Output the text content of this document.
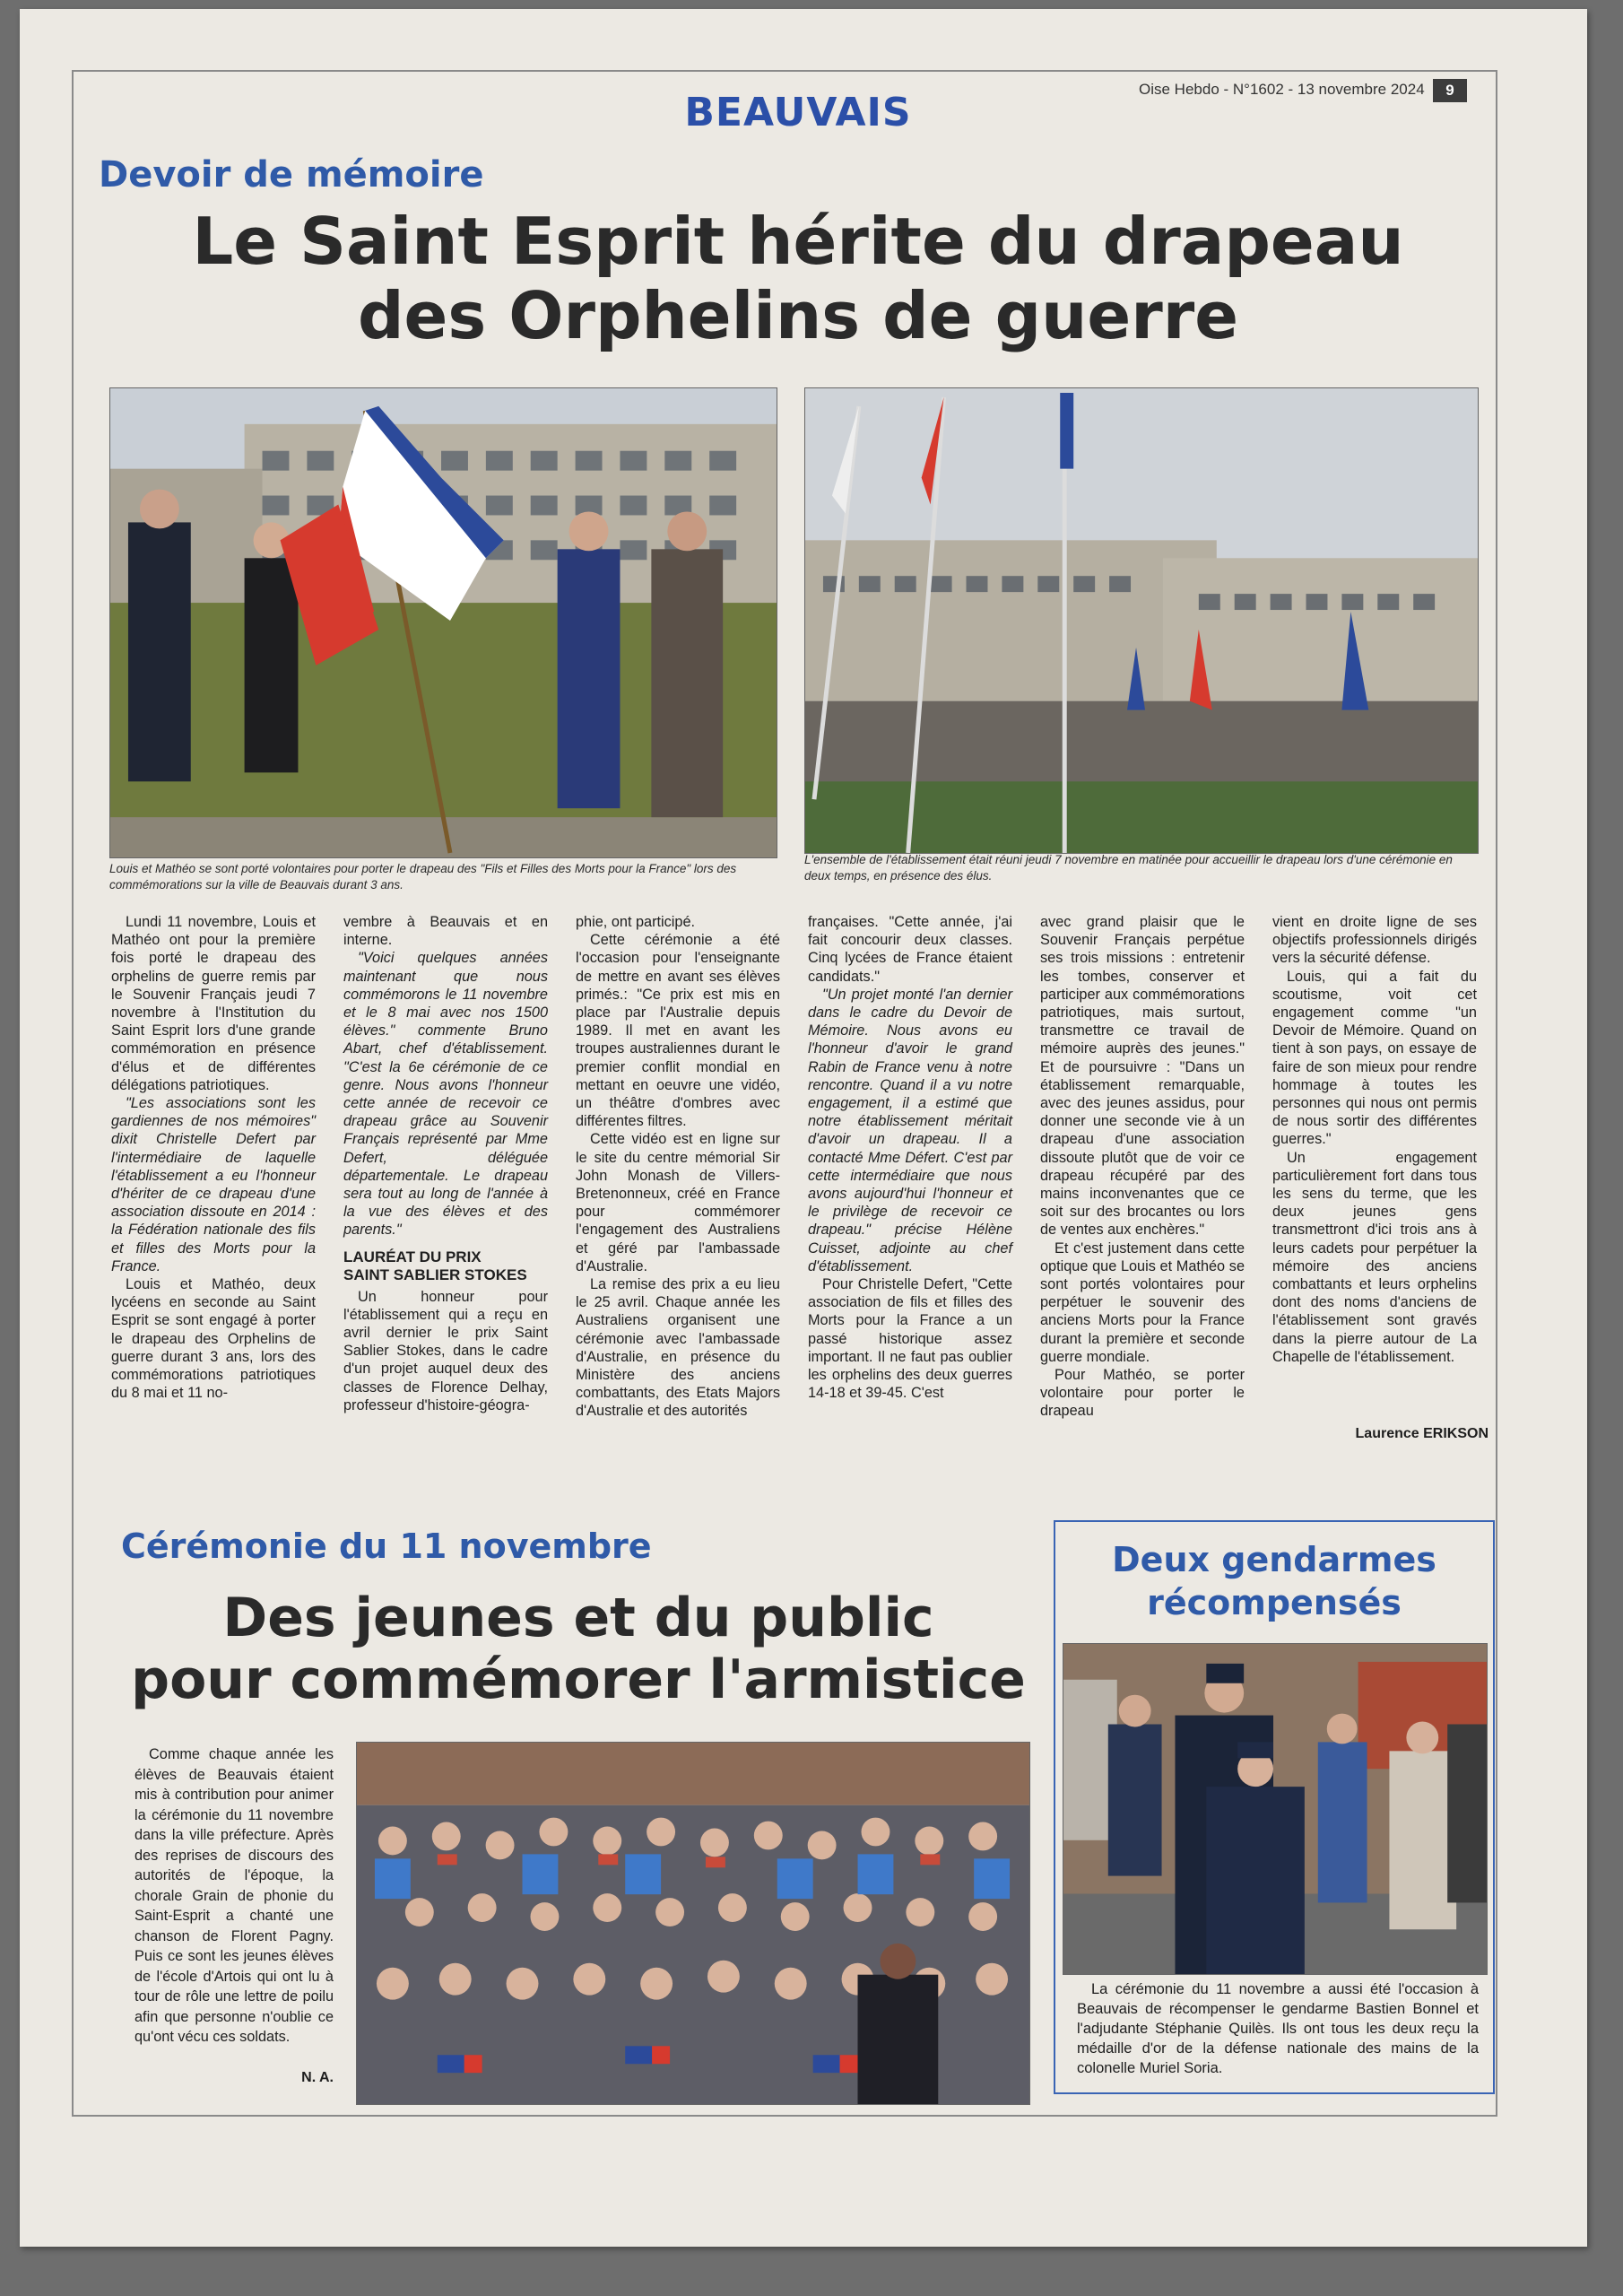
BEAUVAIS
Oise Hebdo - N°1602 - 13 novembre 2024	9
Devoir de mémoire
Le Saint Esprit hérite du drapeau
des Orphelins de guerre
Louis et Mathéo se sont porté volontaires pour porter le drapeau des "Fils et Filles des Morts pour la France" lors des commémorations sur la ville de Beauvais durant 3 ans.
L'ensemble de l'établissement était réuni jeudi 7 novembre en matinée pour accueillir le drapeau lors d'une cérémonie en deux temps, en présence des élus.

Lundi 11 novembre, Louis et Mathéo ont pour la première fois porté le drapeau des orphelins de guerre remis par le Souvenir Français jeudi 7 novembre à l'Institution du Saint Esprit lors d'une grande commémoration en présence d'élus et de différentes délégations patriotiques.

"Les associations sont les gardiennes de nos mémoires" dixit Christelle Defert par l'intermédiaire de laquelle l'établissement a eu l'honneur d'hériter de ce drapeau d'une association dissoute en 2014 : la Fédération nationale des fils et filles des Morts pour la France.

Louis et Mathéo, deux lycéens en seconde au Saint Esprit se sont engagé à porter le drapeau des Orphelins de guerre durant 3 ans, lors des commémorations patriotiques du 8 mai et 11 no-

vembre à Beauvais et en interne.

"Voici quelques années maintenant que nous commémorons le 11 novembre et le 8 mai avec nos 1500 élèves." commente Bruno Abart, chef d'établissement. "C'est la 6e cérémonie de ce genre. Nous avons l'honneur cette année de recevoir ce drapeau grâce au Souvenir Français représenté par Mme Defert, déléguée départementale. Le drapeau sera tout au long de l'année à la vue des élèves et des parents."

LAURÉAT DU PRIX
SAINT SABLIER STOKES

Un honneur pour l'établissement qui a reçu en avril dernier le prix Saint Sablier Stokes, dans le cadre d'un projet auquel deux des classes de Florence Delhay, professeur d'histoire-géogra-

phie, ont participé.

Cette cérémonie a été l'occasion pour l'enseignante de mettre en avant ses élèves primés.: "Ce prix est mis en place par l'Australie depuis 1989. Il met en avant les troupes australiennes durant le premier conflit mondial en mettant en oeuvre une vidéo, un théâtre d'ombres avec différentes filtres.

Cette vidéo est en ligne sur le site du centre mémorial Sir John Monash de Villers-Bretenonneux, créé en France pour commémorer l'engagement des Australiens et géré par l'ambassade d'Australie.

La remise des prix a eu lieu le 25 avril. Chaque année les Australiens organisent une cérémonie avec l'ambassade d'Australie, en présence du Ministère des anciens combattants, des Etats Majors d'Australie et des autorités

françaises. "Cette année, j'ai fait concourir deux classes. Cinq lycées de France étaient candidats."

"Un projet monté l'an dernier dans le cadre du Devoir de Mémoire. Nous avons eu l'honneur d'avoir le grand Rabin de France venu à notre rencontre. Quand il a vu notre engagement, il a estimé que notre établissement méritait d'avoir un drapeau. Il a contacté Mme Défert. C'est par cette intermédiaire que nous avons aujourd'hui l'honneur et le privilège de recevoir ce drapeau." précise Hélène Cuisset, adjointe au chef d'établissement.

Pour Christelle Defert, "Cette association de fils et filles des Morts pour la France a un passé historique assez important. Il ne faut pas oublier les orphelins des deux guerres 14-18 et 39-45. C'est

avec grand plaisir que le Souvenir Français perpétue ses trois missions : entretenir les tombes, conserver et participer aux commémorations patriotiques, mais surtout, transmettre ce travail de mémoire auprès des jeunes." Et de poursuivre : "Dans un établissement remarquable, avec des jeunes assidus, pour donner une seconde vie à un drapeau d'une association dissoute plutôt que de voir ce drapeau récupéré par des mains inconvenantes que ce soit sur des brocantes ou lors de ventes aux enchères."

Et c'est justement dans cette optique que Louis et Mathéo se sont portés volontaires pour perpétuer le souvenir des anciens Morts pour la France durant la première et seconde guerre mondiale.

Pour Mathéo, se porter volontaire pour porter le drapeau

vient en droite ligne de ses objectifs professionnels dirigés vers la sécurité défense.

Louis, qui a fait du scoutisme, voit cet engagement comme "un Devoir de Mémoire. Quand on tient à son pays, on essaye de faire de son mieux pour rendre hommage à toutes les personnes qui nous ont permis de nous sortir des différentes guerres."

Un engagement particulièrement fort dans tous les sens du terme, que les deux jeunes gens transmettront d'ici trois ans à leurs cadets pour perpétuer la mémoire des anciens combattants et leurs orphelins dont des noms d'anciens de l'établissement sont gravés dans la pierre autour de La Chapelle de l'établissement.

Laurence ERIKSON
Cérémonie du 11 novembre
Des jeunes et du public
pour commémorer l'armistice

Comme chaque année les élèves de Beauvais étaient mis à contribution pour animer la cérémonie du 11 novembre dans la ville préfecture. Après des reprises de discours des autorités de l'époque, la chorale Grain de phonie du Saint-Esprit a chanté une chanson de Florent Pagny. Puis ce sont les jeunes élèves de l'école d'Artois qui ont lu à tour de rôle une lettre de poilu afin que personne n'oublie ce qu'ont vécu ces soldats.

N. A.
Deux gendarmes
récompensés
La cérémonie du 11 novembre a aussi été l'occasion à Beauvais de récompenser le gendarme Bastien Bonnel et l'adjudante Stéphanie Quilès. Ils ont tous les deux reçu la médaille d'or de la défense nationale des mains de la colonelle Muriel Soria.
